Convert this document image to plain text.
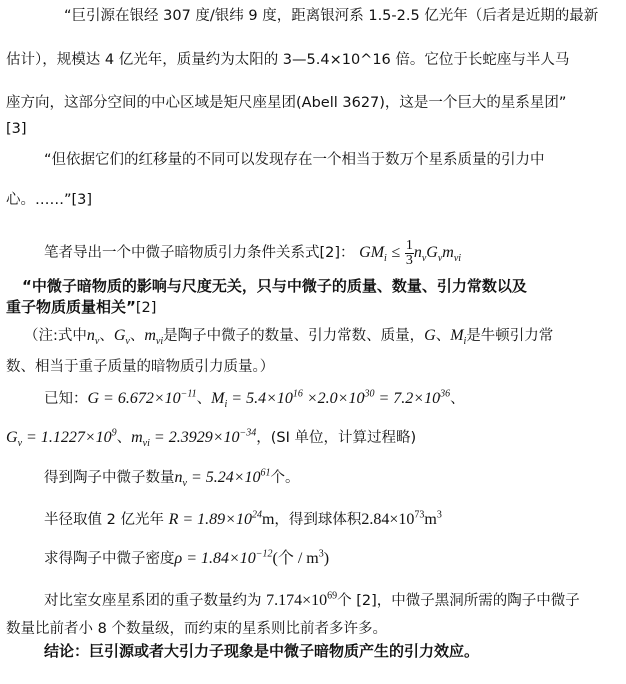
“巨引源在银经 307 度/银纬 9 度，距离银河系 1.5-2.5 亿光年（后者是近期的最新
估计），规模达 4 亿光年，质量约为太阳的 3—5.4×10^16 倍。它位于长蛇座与半人马
座方向，这部分空间的中心区域是矩尺座星团(Abell 3627)，这是一个巨大的星系星团”
[3]
“但依据它们的红移量的不同可以发现存在一个相当于数万个星系质量的引力中
心。……”[3]
笔者导出一个中微子暗物质引力条件关系式[2]： $GM_i \le \frac{1}{3} n_vG_vm_{vi}$
“中微子暗物质的影响与尺度无关，只与中微子的质量、数量、引力常数以及
重子物质质量相关”[2]
（注:式中$n_v$、$G_v$、$m_{vi}$是陶子中微子的数量、引力常数、质量，G、$M_i$是牛顿引力常
数、相当于重子质量的暗物质引力质量。）
已知：$G = 6.672\times 10^{-11}$、$M_i = 5.4\times 10^{16} \times 2.0\times 10^{30} = 7.2\times 10^{36}$、
$G_v = 1.1227\times 10^9$、$m_{vi} = 2.3929\times 10^{-34}$，(SI 单位，计算过程略)
得到陶子中微子数量$n_v = 5.24\times 10^{61}$个。
半径取值 2 亿光年 $R = 1.89\times 10^{24}m$，得到球体积$2.84\times 10^{73}m^3$
求得陶子中微子密度$\rho = 1.84\times 10^{-12}$(个 / $m^3$)
对比室女座星系团的重子数量约为 $7.174\times 10^{69}$个 [2]，中微子黑洞所需的陶子中微子
数量比前者小 8 个数量级，而约束的星系则比前者多许多。
结论：巨引源或者大引力子现象是中微子暗物质产生的引力效应。
